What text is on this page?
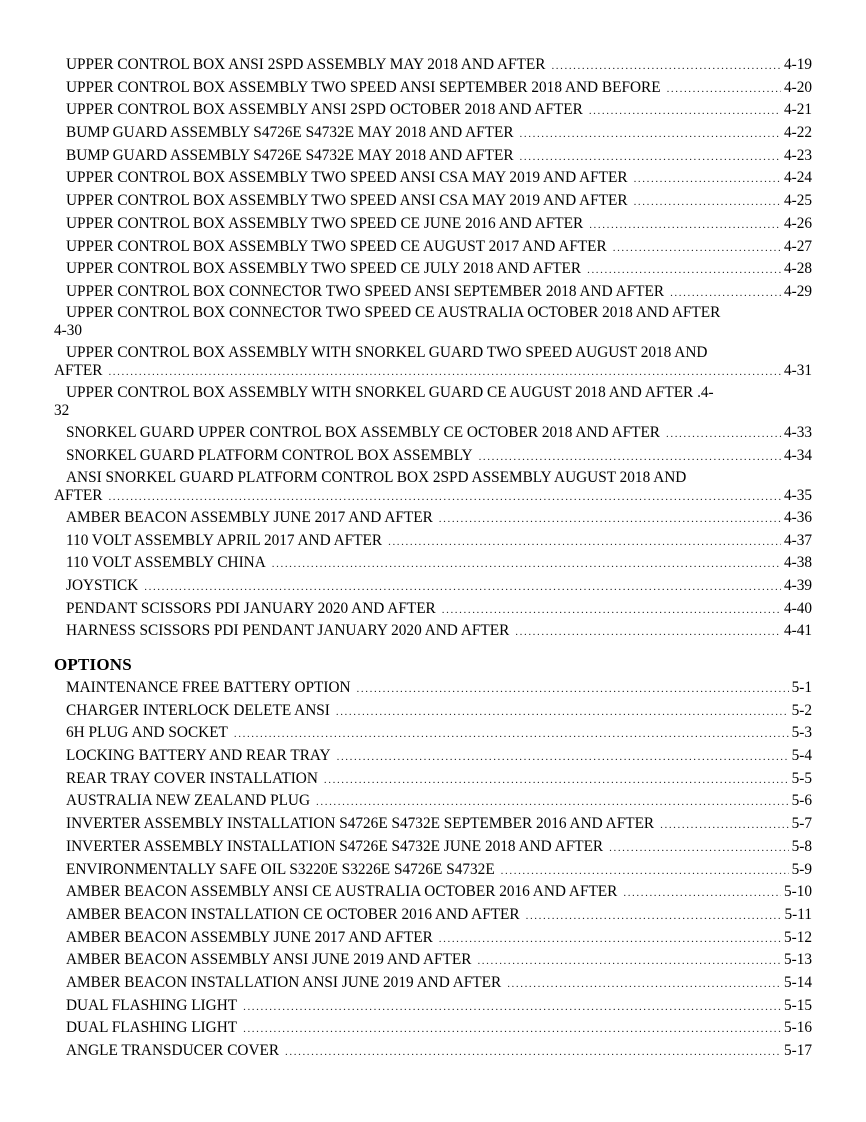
UPPER CONTROL BOX ANSI 2SPD ASSEMBLY MAY 2018 AND AFTER .....	4-19
UPPER CONTROL BOX ASSEMBLY TWO SPEED ANSI SEPTEMBER 2018 AND BEFORE .....	4-20
UPPER CONTROL BOX ASSEMBLY ANSI 2SPD OCTOBER 2018 AND AFTER .....	4-21
BUMP GUARD ASSEMBLY S4726E S4732E MAY 2018 AND AFTER .....	4-22
BUMP GUARD ASSEMBLY S4726E S4732E MAY 2018 AND AFTER .....	4-23
UPPER CONTROL BOX ASSEMBLY TWO SPEED ANSI CSA MAY 2019 AND AFTER .....	4-24
UPPER CONTROL BOX ASSEMBLY TWO SPEED ANSI CSA MAY 2019 AND AFTER .....	4-25
UPPER CONTROL BOX ASSEMBLY TWO SPEED CE JUNE 2016 AND AFTER .....	4-26
UPPER CONTROL BOX ASSEMBLY TWO SPEED CE AUGUST 2017 AND AFTER .....	4-27
UPPER CONTROL BOX ASSEMBLY TWO SPEED CE JULY 2018 AND AFTER .....	4-28
UPPER CONTROL BOX CONNECTOR TWO SPEED ANSI SEPTEMBER 2018 AND AFTER .....	4-29
UPPER CONTROL BOX CONNECTOR TWO SPEED CE AUSTRALIA OCTOBER 2018 AND AFTER
4-30
UPPER CONTROL BOX ASSEMBLY WITH SNORKEL GUARD TWO SPEED AUGUST 2018 AND
AFTER .....	4-31
UPPER CONTROL BOX ASSEMBLY WITH SNORKEL GUARD CE AUGUST 2018 AND AFTER .4-
32
SNORKEL GUARD UPPER CONTROL BOX ASSEMBLY CE OCTOBER 2018 AND AFTER .....	4-33
SNORKEL GUARD PLATFORM CONTROL BOX ASSEMBLY .....	4-34
ANSI SNORKEL GUARD PLATFORM CONTROL BOX 2SPD ASSEMBLY AUGUST 2018 AND
AFTER .....	4-35
AMBER BEACON ASSEMBLY JUNE 2017 AND AFTER .....	4-36
110 VOLT ASSEMBLY APRIL 2017 AND AFTER .....	4-37
110 VOLT ASSEMBLY CHINA .....	4-38
JOYSTICK .....	4-39
PENDANT SCISSORS PDI JANUARY 2020 AND AFTER .....	4-40
HARNESS SCISSORS PDI PENDANT JANUARY 2020 AND AFTER .....	4-41
OPTIONS
MAINTENANCE FREE BATTERY OPTION .....	5-1
CHARGER INTERLOCK DELETE ANSI .....	5-2
6H PLUG AND SOCKET .....	5-3
LOCKING BATTERY AND REAR TRAY .....	5-4
REAR TRAY COVER INSTALLATION .....	5-5
AUSTRALIA NEW ZEALAND PLUG .....	5-6
INVERTER ASSEMBLY INSTALLATION S4726E S4732E SEPTEMBER 2016 AND AFTER .....	5-7
INVERTER ASSEMBLY INSTALLATION S4726E S4732E JUNE 2018 AND AFTER .....	5-8
ENVIRONMENTALLY SAFE OIL S3220E S3226E S4726E S4732E .....	5-9
AMBER BEACON ASSEMBLY ANSI CE AUSTRALIA OCTOBER 2016 AND AFTER .....	5-10
AMBER BEACON INSTALLATION CE OCTOBER 2016 AND AFTER .....	5-11
AMBER BEACON ASSEMBLY JUNE 2017 AND AFTER .....	5-12
AMBER BEACON ASSEMBLY ANSI JUNE 2019 AND AFTER .....	5-13
AMBER BEACON INSTALLATION ANSI JUNE 2019 AND AFTER .....	5-14
DUAL FLASHING LIGHT .....	5-15
DUAL FLASHING LIGHT .....	5-16
ANGLE TRANSDUCER COVER .....	5-17
